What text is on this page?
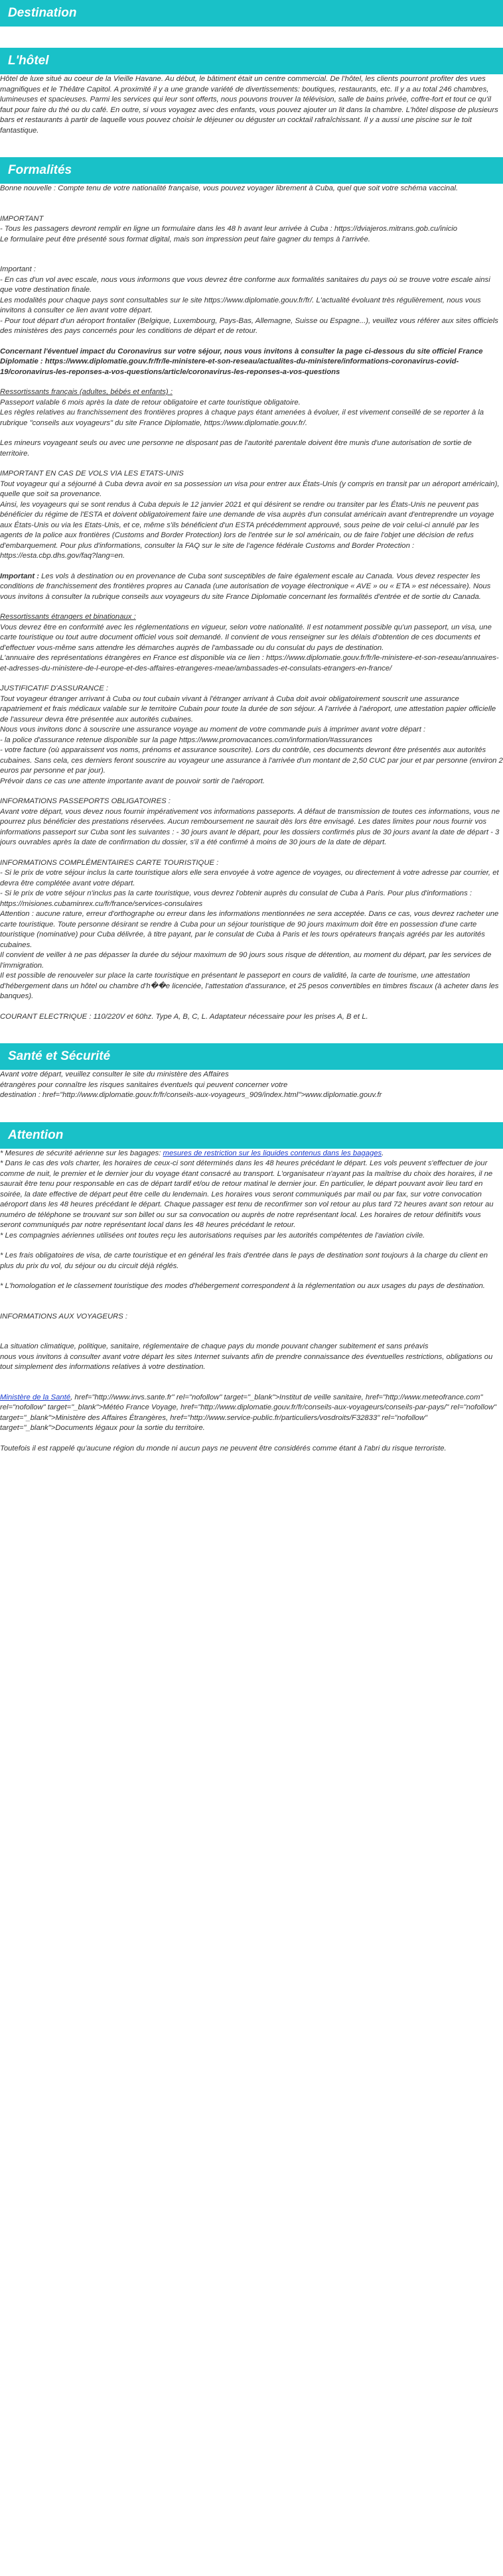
Destination
L'hôtel

Hôtel de luxe situé au coeur de la Vieille Havane. Au début, le bâtiment était un centre commercial. De l'hôtel, les clients pourront profiter des vues magnifiques et le Théâtre Capitol. A proximité il y a une grande variété de divertissements: boutiques, restaurants, etc. Il y a au total 246 chambres, lumineuses et spacieuses. Parmi les services qui leur sont offerts, nous pouvons trouver la télévision, salle de bains privée, coffre-fort et tout ce qu'il faut pour faire du thé ou du café. En outre, si vous voyagez avec des enfants, vous pouvez ajouter un lit dans la chambre. L'hôtel dispose de plusieurs bars et restaurants à partir de laquelle vous pouvez choisir le déjeuner ou déguster un cocktail rafraîchissant. Il y a aussi une piscine sur le toit fantastique.

Formalités

Bonne nouvelle : Compte tenu de votre nationalité française, vous pouvez voyager librement à Cuba, quel que soit votre schéma vaccinal.

IMPORTANT

- Tous les passagers devront remplir en ligne un formulaire dans les 48 h avant leur arrivée à Cuba : https://dviajeros.mitrans.gob.cu/inicio

Le formulaire peut être présenté sous format digital, mais son impression peut faire gagner du temps à l'arrivée.

Important :

- En cas d'un vol avec escale, nous vous informons que vous devrez être conforme aux formalités sanitaires du pays où se trouve votre escale ainsi que votre destination finale.

Les modalités pour chaque pays sont consultables sur le site https://www.diplomatie.gouv.fr/fr/. L'actualité évoluant très régulièrement, nous vous invitons à consulter ce lien avant votre départ.

- Pour tout départ d'un aéroport frontalier (Belgique, Luxembourg, Pays-Bas, Allemagne, Suisse ou Espagne...), veuillez vous référer aux sites officiels des ministères des pays concernés pour les conditions de départ et de retour.

Concernant l'éventuel impact du Coronavirus sur votre séjour, nous vous invitons à consulter la page ci-dessous du site officiel France Diplomatie : https://www.diplomatie.gouv.fr/fr/le-ministere-et-son-reseau/actualites-du-ministere/informations-coronavirus-covid-19/coronavirus-les-reponses-a-vos-questions/article/coronavirus-les-reponses-a-vos-questions

Ressortissants français (adultes, bébés et enfants) :

Passeport valable 6 mois après la date de retour obligatoire et carte touristique obligatoire.

Les règles relatives au franchissement des frontières propres à chaque pays étant amenées à évoluer, il est vivement conseillé de se reporter à la rubrique "conseils aux voyageurs" du site France Diplomatie, https://www.diplomatie.gouv.fr/.

Les mineurs voyageant seuls ou avec une personne ne disposant pas de l'autorité parentale doivent être munis d'une autorisation de sortie de territoire.

IMPORTANT EN CAS DE VOLS VIA LES ETATS-UNIS

Tout voyageur qui a séjourné à Cuba devra avoir en sa possession un visa pour entrer aux États-Unis (y compris en transit par un aéroport américain), quelle que soit sa provenance.

Ainsi, les voyageurs qui se sont rendus à Cuba depuis le 12 janvier 2021 et qui désirent se rendre ou transiter par les États-Unis ne peuvent pas bénéficier du régime de l'ESTA et doivent obligatoirement faire une demande de visa auprès d'un consulat américain avant d'entreprendre un voyage aux États-Unis ou via les Etats-Unis, et ce, même s'ils bénéficient d'un ESTA précédemment approuvé, sous peine de voir celui-ci annulé par les agents de la police aux frontières (Customs and Border Protection) lors de l'entrée sur le sol américain, ou de faire l'objet une décision de refus d'embarquement. Pour plus d'informations, consulter la FAQ sur le site de l'agence fédérale Customs and Border Protection : https://esta.cbp.dhs.gov/faq?lang=en.

Important : Les vols à destination ou en provenance de Cuba sont susceptibles de faire également escale au Canada. Vous devez respecter les conditions de franchissement des frontières propres au Canada (une autorisation de voyage électronique « AVE » ou « ETA » est nécessaire). Nous vous invitons à consulter la rubrique conseils aux voyageurs du site France Diplomatie concernant les formalités d'entrée et de sortie du Canada.

Ressortissants étrangers et binationaux :

Vous devrez être en conformité avec les réglementations en vigueur, selon votre nationalité. Il est notamment possible qu'un passeport, un visa, une carte touristique ou tout autre document officiel vous soit demandé. Il convient de vous renseigner sur les délais d'obtention de ces documents et d'effectuer vous-même sans attendre les démarches auprès de l'ambassade ou du consulat du pays de destination.

L'annuaire des représentations étrangères en France est disponible via ce lien : https://www.diplomatie.gouv.fr/fr/le-ministere-et-son-reseau/annuaires-et-adresses-du-ministere-de-l-europe-et-des-affaires-etrangeres-meae/ambassades-et-consulats-etrangers-en-france/

JUSTIFICATIF D'ASSURANCE :

Tout voyageur étranger arrivant à Cuba ou tout cubain vivant à l'étranger arrivant à Cuba doit avoir obligatoirement souscrit une assurance rapatriement et frais médicaux valable sur le territoire Cubain pour toute la durée de son séjour. A l'arrivée à l'aéroport, une attestation papier officielle de l'assureur devra être présentée aux autorités cubaines.

Nous vous invitons donc à souscrire une assurance voyage au moment de votre commande puis à imprimer avant votre départ :

- la police d'assurance retenue disponible sur la page https://www.promovacances.com/information/#assurances

- votre facture (où apparaissent vos noms, prénoms et assurance souscrite). Lors du contrôle, ces documents devront être présentés aux autorités cubaines. Sans cela, ces derniers feront souscrire au voyageur une assurance à l'arrivée d'un montant de 2,50 CUC par jour et par personne (environ 2 euros par personne et par jour).

Prévoir dans ce cas une attente importante avant de pouvoir sortir de l'aéroport.

INFORMATIONS PASSEPORTS OBLIGATOIRES :

Avant votre départ, vous devez nous fournir impérativement vos informations passeports. A défaut de transmission de toutes ces informations, vous ne pourrez plus bénéficier des prestations réservées. Aucun remboursement ne saurait dès lors être envisagé. Les dates limites pour nous fournir vos informations passeport sur Cuba sont les suivantes : - 30 jours avant le départ, pour les dossiers confirmés plus de 30 jours avant la date de départ - 3 jours ouvrables après la date de confirmation du dossier, s'il a été confirmé à moins de 30 jours de la date de départ.

INFORMATIONS COMPLÉMENTAIRES CARTE TOURISTIQUE :

- Si le prix de votre séjour inclus la carte touristique alors elle sera envoyée à votre agence de voyages, ou directement à votre adresse par courrier, et devra être complétée avant votre départ.

- Si le prix de votre séjour n'inclus pas la carte touristique, vous devrez l'obtenir auprès du consulat de Cuba à Paris. Pour plus d'informations : https://misiones.cubaminrex.cu/fr/france/services-consulaires

Attention : aucune rature, erreur d'orthographe ou erreur dans les informations mentionnées ne sera acceptée. Dans ce cas, vous devrez racheter une carte touristique. Toute personne désirant se rendre à Cuba pour un séjour touristique de 90 jours maximum doit être en possession d'une carte touristique (nominative) pour Cuba délivrée, à titre payant, par le consulat de Cuba à Paris et les tours opérateurs français agréés par les autorités cubaines.

Il convient de veiller à ne pas dépasser la durée du séjour maximum de 90 jours sous risque de détention, au moment du départ, par les services de l'immigration.

Il est possible de renouveler sur place la carte touristique en présentant le passeport en cours de validité, la carte de tourisme, une attestation d'hébergement dans un hôtel ou chambre d'h��e licenciée, l'attestation d'assurance, et 25 pesos convertibles en timbres fiscaux (à acheter dans les banques).

COURANT ELECTRIQUE : 110/220V et 60hz. Type A, B, C, L. Adaptateur nécessaire pour les prises A, B et L.

Santé et Sécurité

Avant votre départ, veuillez consulter le site du ministère des Affaires

étrangères pour connaître les risques sanitaires éventuels qui peuvent concerner votre

destination : href="http://www.diplomatie.gouv.fr/fr/conseils-aux-voyageurs_909/index.html">www.diplomatie.gouv.fr

Attention

* Mesures de sécurité aérienne sur les bagages: mesures de restriction sur les liquides contenus dans les bagages.

* Dans le cas des vols charter, les horaires de ceux-ci sont déterminés dans les 48 heures précédant le départ. Les vols peuvent s'effectuer de jour comme de nuit, le premier et le dernier jour du voyage étant consacré au transport. L'organisateur n'ayant pas la maîtrise du choix des horaires, il ne saurait être tenu pour responsable en cas de départ tardif et/ou de retour matinal le dernier jour. En particulier, le départ pouvant avoir lieu tard en soirée, la date effective de départ peut être celle du lendemain. Les horaires vous seront communiqués par mail ou par fax, sur votre convocation aéroport dans les 48 heures précédant le départ. Chaque passager est tenu de reconfirmer son vol retour au plus tard 72 heures avant son retour au numéro de téléphone se trouvant sur son billet ou sur sa convocation ou auprès de notre représentant local. Les horaires de retour définitifs vous seront communiqués par notre représentant local dans les 48 heures précédant le retour.

* Les compagnies aériennes utilisées ont toutes reçu les autorisations requises par les autorités compétentes de l'aviation civile.

* Les frais obligatoires de visa, de carte touristique et en général les frais d'entrée dans le pays de destination sont toujours à la charge du client en plus du prix du vol, du séjour ou du circuit déjà réglés.

* L'homologation et le classement touristique des modes d'hébergement correspondent à la réglementation ou aux usages du pays de destination.

INFORMATIONS AUX VOYAGEURS :

La situation climatique, politique, sanitaire, réglementaire de chaque pays du monde pouvant changer subitement et sans préavis

nous vous invitons à consulter avant votre départ les sites Internet suivants afin de prendre connaissance des éventuelles restrictions, obligations ou tout simplement des informations relatives à votre destination.

Ministère de la Santé, href="http://www.invs.sante.fr" rel="nofollow" target="_blank">Institut de veille sanitaire, href="http://www.meteofrance.com" rel="nofollow" target="_blank">Météo France Voyage, href="http://www.diplomatie.gouv.fr/fr/conseils-aux-voyageurs/conseils-par-pays/" rel="nofollow" target="_blank">Ministère des Affaires Étrangères, href="http://www.service-public.fr/particuliers/vosdroits/F32833" rel="nofollow" target="_blank">Documents légaux pour la sortie du territoire.

Toutefois il est rappelé qu'aucune région du monde ni aucun pays ne peuvent être considérés comme étant à l'abri du risque terroriste.
